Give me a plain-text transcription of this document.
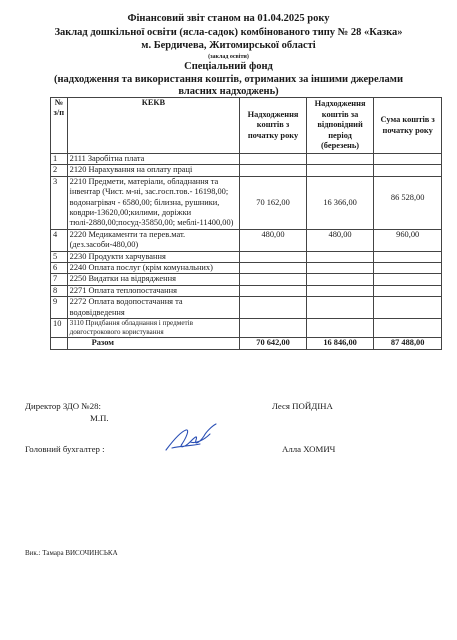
Фінансовий звіт станом на 01.04.2025 року
Заклад дошкільної освіти (ясла-садок) комбінованого типу № 28 «Казка»
м. Бердичева, Житомирської області
(заклад освіти)
Спеціальний фонд
(надходження та використання коштів, отриманих за іншими джерелами
власних надходжень)
№ з/п	КЕКВ	Надходження коштів з початку року	Надходження коштів за відповідний період (березень)	Сума коштів з початку року
1	2111 Заробітна плата			
2	2120 Нарахування на оплату праці			
3	2210 Предмети, матеріали, обладнання та інвентар (Чист. м-ні, зас.госп.тов.- 16198,00; водонагрівач - 6580,00; білизна, рушники, ковдри-13620,00;килими, доріжки тюлі-2880,00;посуд-35850,00; меблі-11400,00)	70 162,00	16 366,00	86 528,00
4	2220 Медикаменти та перев.мат. (дез.засоби-480,00)	480,00	480,00	960,00
5	2230 Продукти харчування			
6	2240 Оплата послуг (крім комунальних)			
7	2250 Видатки на відрядження			
8	2271 Оплата теплопостачання			
9	2272 Оплата водопостачання та водовідведення			
10	3110 Придбання обладнання і предметів довгострокового користування			
	Разом	70 642,00	16 846,00	87 488,00
Директор ЗДО №28:	Леся ПОЙДІНА
М.П.
Головний бухгалтер :	Алла ХОМИЧ
Вик.: Тамара ВИСОЧИНСЬКА
